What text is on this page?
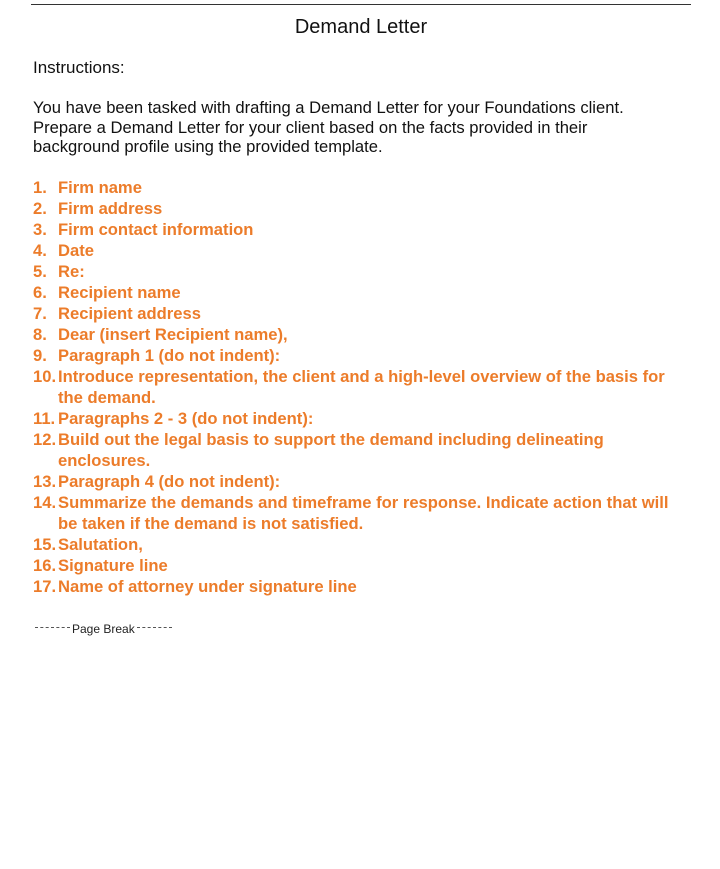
Demand Letter
Instructions:

You have been tasked with drafting a Demand Letter for your Foundations client. Prepare a Demand Letter for your client based on the facts provided in their background profile using the provided template.

1. Firm name
2. Firm address
3. Firm contact information
4. Date
5. Re:
6. Recipient name
7. Recipient address
8. Dear (insert Recipient name),
9. Paragraph 1 (do not indent):
10. Introduce representation, the client and a high-level overview of the basis for the demand.
11. Paragraphs 2 - 3 (do not indent):
12. Build out the legal basis to support the demand including delineating enclosures.
13. Paragraph 4 (do not indent):
14. Summarize the demands and timeframe for response. Indicate action that will be taken if the demand is not satisfied.
15. Salutation,
16. Signature line
17. Name of attorney under signature line
Page Break
